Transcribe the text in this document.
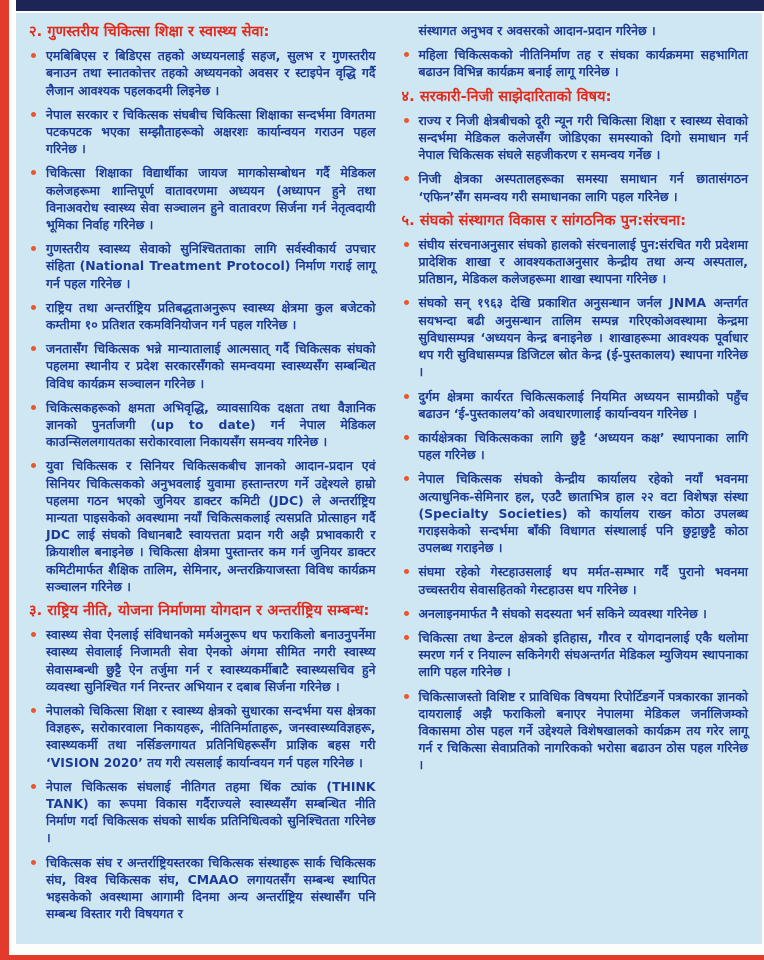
२. गुणस्तरीय चिकित्सा शिक्षा र स्वास्थ्य सेवा:
एमबिबिएस र बिडिएस तहको अध्ययनलाई सहज, सुलभ र गुणस्तरीय बनाउन तथा स्नातकोत्तर तहको अध्ययनको अवसर र स्टाइपेन वृद्धि गर्दै लैजान आवश्यक पहलकदमी लिइनेछ ।
नेपाल सरकार र चिकित्सक संघबीच चिकित्सा शिक्षाका सन्दर्भमा विगतमा पटकपटक भएका सम्झौताहरूको अक्षरशः कार्यान्वयन गराउन पहल गरिनेछ ।
चिकित्सा शिक्षाका विद्यार्थीका जायज मागकोसम्बोधन गर्दै मेडिकल कलेजहरूमा शान्तिपूर्ण वातावरणमा अध्ययन (अध्यापन हुने तथा विनाअवरोध स्वास्थ्य सेवा सञ्चालन हुने वातावरण सिर्जना गर्न नेतृत्वदायी भूमिका निर्वाह गरिनेछ ।
गुणस्तरीय स्वास्थ्य सेवाको सुनिश्चितताका लागि सर्वस्वीकार्य उपचार संहिता (National Treatment Protocol) निर्माण गराई लागू गर्न पहल गरिनेछ ।
राष्ट्रिय तथा अन्तर्राष्ट्रिय प्रतिबद्धताअनुरूप स्वास्थ्य क्षेत्रमा कुल बजेटको कम्तीमा १० प्रतिशत रकमविनियोजन गर्न पहल गरिनेछ ।
जनतासँग चिकित्सक भन्ने मान्यातालाई आत्मसात् गर्दै चिकित्सक संघको पहलमा स्थानीय र प्रदेश सरकारसँगको समन्वयमा स्वास्थ्यसँग सम्बन्धित विविध कार्यक्रम सञ्चालन गरिनेछ ।
चिकित्सकहरूको क्षमता अभिवृद्धि, व्यावसायिक दक्षता तथा वैज्ञानिक ज्ञानको पुनर्ताजगी (up to date) गर्न नेपाल मेडिकल काउन्सिललगायतका सरोकारवाला निकायसँग समन्वय गरिनेछ ।
युवा चिकित्सक र सिनियर चिकित्सकबीच ज्ञानको आदान-प्रदान एवं सिनियर चिकित्सकको अनुभवलाई युवामा हस्तान्तरण गर्ने उद्देश्यले हाम्रो पहलमा गठन भएको जुनियर डाक्टर कमिटी (JDC) ले अन्तर्राष्ट्रिय मान्यता पाइसकेको अवस्थामा नयाँ चिकित्सकलाई त्यसप्रति प्रोत्साहन गर्दै JDC लाई संघको विधानबाटै स्वायत्तता प्रदान गरी अझै प्रभावकारी र क्रियाशील बनाइनेछ । चिकित्सा क्षेत्रमा पुस्तान्तर कम गर्न जुनियर डाक्टर कमिटीमार्फत शैक्षिक तालिम, सेमिनार, अन्तरक्रियाजस्ता विविध कार्यक्रम सञ्चालन गरिनेछ ।
३. राष्ट्रिय नीति, योजना निर्माणमा योगदान र अन्तर्राष्ट्रिय सम्बन्ध:
स्वास्थ्य सेवा ऐनलाई संविधानको मर्मअनुरूप थप फराकिलो बनाउनुपर्नेमा स्वास्थ्य सेवालाई निजामती सेवा ऐनको अंगमा सीमित नगरी स्वास्थ्य सेवासम्बन्धी छुट्टै ऐन तर्जुमा गर्न र स्वास्थ्यकर्मीबाटै स्वास्थ्यसचिव हुने व्यवस्था सुनिश्चित गर्न निरन्तर अभियान र दबाब सिर्जना गरिनेछ ।
नेपालको चिकित्सा शिक्षा र स्वास्थ्य क्षेत्रको सुधारका सन्दर्भमा यस क्षेत्रका विज्ञहरू, सरोकारवाला निकायहरू, नीतिनिर्माताहरू, जनस्वास्थ्यविज्ञहरू, स्वास्थ्यकर्मी तथा नर्सिङलगायत प्रतिनिधिहरूसँग प्राज्ञिक बहस गरी ‘VISION 2020’ तय गरी त्यसलाई कार्यान्वयन गर्न पहल गरिनेछ ।
नेपाल चिकित्सक संघलाई नीतिगत तहमा थिंक ट्यांक (THINK TANK) का रूपमा विकास गर्दैराज्यले स्वास्थ्यसँग सम्बन्धित नीति निर्माण गर्दा चिकित्सक संघको सार्थक प्रतिनिधित्वको सुनिश्चितता गरिनेछ ।
चिकित्सक संघ र अन्तर्राष्ट्रियस्तरका चिकित्सक संस्थाहरू सार्क चिकित्सक संघ, विश्व चिकित्सक संघ, CMAAO लगायतसँग सम्बन्ध स्थापित भइसकेको अवस्थामा आगामी दिनमा अन्य अन्तर्राष्ट्रिय संस्थासँग पनि सम्बन्ध विस्तार गरी विषयगत र
संस्थागत अनुभव र अवसरको आदान-प्रदान गरिनेछ ।
महिला चिकित्सकको नीतिनिर्माण तह र संघका कार्यक्रममा सहभागिता बढाउन विभिन्न कार्यक्रम बनाई लागू गरिनेछ ।
४. सरकारी-निजी साझेदारिताको विषय:
राज्य र निजी क्षेत्रबीचको दूरी न्यून गरी चिकित्सा शिक्षा र स्वास्थ्य सेवाको सन्दर्भमा मेडिकल कलेजसँग जोडिएका समस्याको दिगो समाधान गर्न नेपाल चिकित्सक संघले सहजीकरण र समन्वय गर्नेछ ।
निजी क्षेत्रका अस्पतालहरूका समस्या समाधान गर्न छातासंगठन ‘एफिन’सँग समन्वय गरी समाधानका लागि पहल गरिनेछ ।
५. संघको संस्थागत विकास र सांगठनिक पुन:संरचना:
संघीय संरचनाअनुसार संघको हालको संरचनालाई पुन:संरचित गरी प्रदेशमा प्रादेशिक शाखा र आवश्यकताअनुसार केन्द्रीय तथा अन्य अस्पताल, प्रतिष्ठान, मेडिकल कलेजहरूमा शाखा स्थापना गरिनेछ ।
संघको सन् १९६३ देखि प्रकाशित अनुसन्धान जर्नल JNMA अन्तर्गत सयभन्दा बढी अनुसन्धान तालिम सम्पन्न गरिएकोअवस्थामा केन्द्रमा सुविधासम्पन्न ‘अध्ययन केन्द्र बनाइनेछ । शाखाहरूमा आवश्यक पूर्वाधार थप गरी सुविधासम्पन्न डिजिटल स्रोत केन्द्र (ई-पुस्तकालय) स्थापना गरिनेछ ।
दुर्गम क्षेत्रमा कार्यरत चिकित्सकलाई नियमित अध्ययन सामग्रीको पहुँच बढाउन ‘ई-पुस्तकालय’को अवधारणालाई कार्यान्वयन गरिनेछ ।
कार्यक्षेत्रका चिकित्सकका लागि छुट्टै ‘अध्ययन कक्ष’ स्थापनाका लागि पहल गरिनेछ ।
नेपाल चिकित्सक संघको केन्द्रीय कार्यालय रहेको नयाँ भवनमा अत्याधुनिक-सेमिनार हल, एउटै छाताभित्र हाल २२ वटा विशेषज्ञ संस्था (Specialty Societies) को कार्यालय राख्न कोठा उपलब्ध गराइसकेको सन्दर्भमा बाँकी विधागत संस्थालाई पनि छुट्टाछुट्टै कोठा उपलब्ध गराइनेछ ।
संघमा रहेको गेस्टहाउसलाई थप मर्मत-सम्भार गर्दै पुरानो भवनमा उच्चस्तरीय सेवासहितको गेस्टहाउस थप गरिनेछ ।
अनलाइनमार्फत नै संघको सदस्यता भर्न सकिने व्यवस्था गरिनेछ ।
चिकित्सा तथा डेन्टल क्षेत्रको इतिहास, गौरव र योगदानलाई एकै थलोमा स्मरण गर्न र नियाल्न सकिनेगरी संघअन्तर्गत मेडिकल म्युजियम स्थापनाका लागि पहल गरिनेछ ।
चिकित्साजस्तो विशिष्ट र प्राविधिक विषयमा रिपोर्टिङगर्ने पत्रकारका ज्ञानको दायरालाई अझै फराकिलो बनाएर नेपालमा मेडिकल जर्नालिजम्को विकासमा ठोस पहल गर्ने उद्देश्यले विशेषखालको कार्यक्रम तय गरेर लागू गर्न र चिकित्सा सेवाप्रतिको नागरिकको भरोसा बढाउन ठोस पहल गरिनेछ ।
